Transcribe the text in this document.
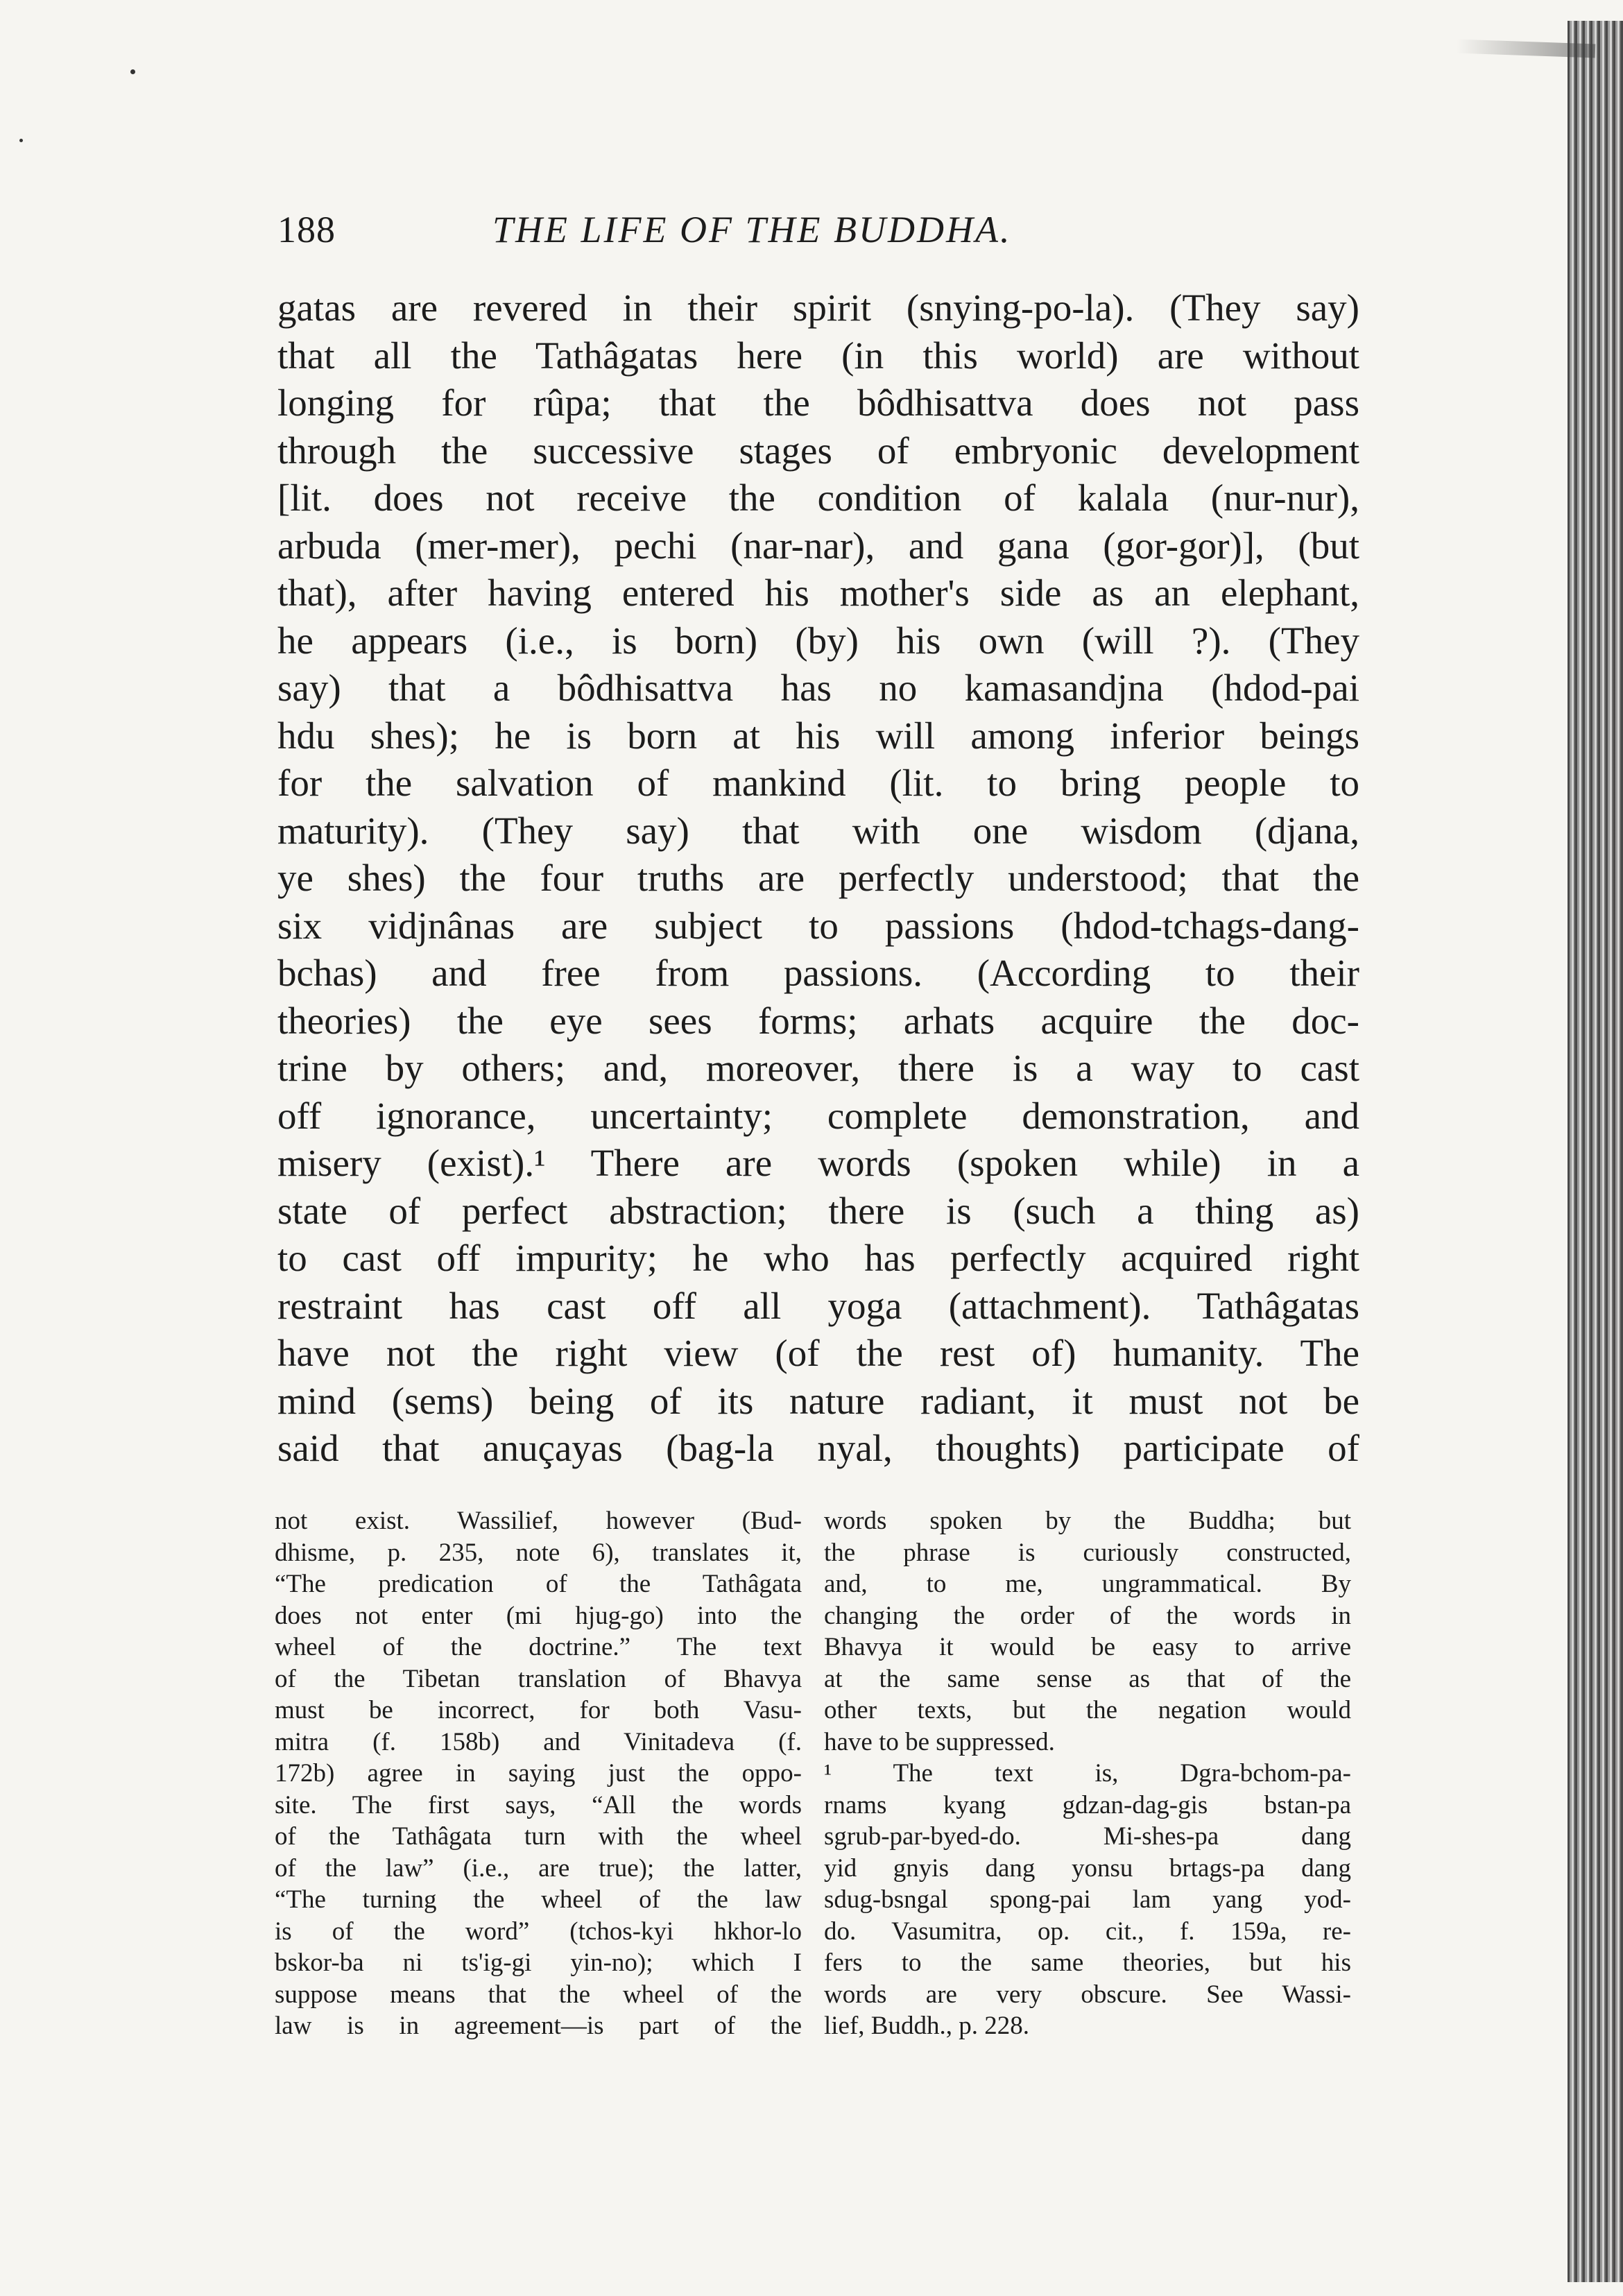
188	THE LIFE OF THE BUDDHA.
gatas are revered in their spirit (snying-po-la). (They say)
that all the Tathâgatas here (in this world) are without
longing for rûpa; that the bôdhisattva does not pass
through the successive stages of embryonic development
[lit. does not receive the condition of kalala (nur-nur),
arbuda (mer-mer), pechi (nar-nar), and gana (gor-gor)], (but
that), after having entered his mother's side as an elephant,
he appears (i.e., is born) (by) his own (will ?). (They
say) that a bôdhisattva has no kamasandjna (hdod-pai
hdu shes); he is born at his will among inferior beings
for the salvation of mankind (lit. to bring people to
maturity). (They say) that with one wisdom (djana,
ye shes) the four truths are perfectly understood; that the
six vidjnânas are subject to passions (hdod-tchags-dang-
bchas) and free from passions. (According to their
theories) the eye sees forms; arhats acquire the doc-
trine by others; and, moreover, there is a way to cast
off ignorance, uncertainty; complete demonstration, and
misery (exist).¹ There are words (spoken while) in a
state of perfect abstraction; there is (such a thing as)
to cast off impurity; he who has perfectly acquired right
restraint has cast off all yoga (attachment). Tathâgatas
have not the right view (of the rest of) humanity. The
mind (sems) being of its nature radiant, it must not be
said that anuçayas (bag-la nyal, thoughts) participate of
not exist. Wassilief, however (Bud-
dhisme, p. 235, note 6), translates it,
“The predication of the Tathâgata
does not enter (mi hjug-go) into the
wheel of the doctrine.” The text
of the Tibetan translation of Bhavya
must be incorrect, for both Vasu-
mitra (f. 158b) and Vinitadeva (f.
172b) agree in saying just the oppo-
site. The first says, “All the words
of the Tathâgata turn with the wheel
of the law” (i.e., are true); the latter,
“The turning the wheel of the law
is of the word” (tchos-kyi hkhor-lo
bskor-ba ni ts'ig-gi yin-no); which I
suppose means that the wheel of the
law is in agreement—is part of the
words spoken by the Buddha; but
the phrase is curiously constructed,
and, to me, ungrammatical. By
changing the order of the words in
Bhavya it would be easy to arrive
at the same sense as that of the
other texts, but the negation would
have to be suppressed.
¹ The text is, Dgra-bchom-pa-
rnams kyang gdzan-dag-gis bstan-pa
sgrub-par-byed-do. Mi-shes-pa dang
yid gnyis dang yonsu brtags-pa dang
sdug-bsngal spong-pai lam yang yod-
do. Vasumitra, op. cit., f. 159a, re-
fers to the same theories, but his
words are very obscure. See Wassi-
lief, Buddh., p. 228.
